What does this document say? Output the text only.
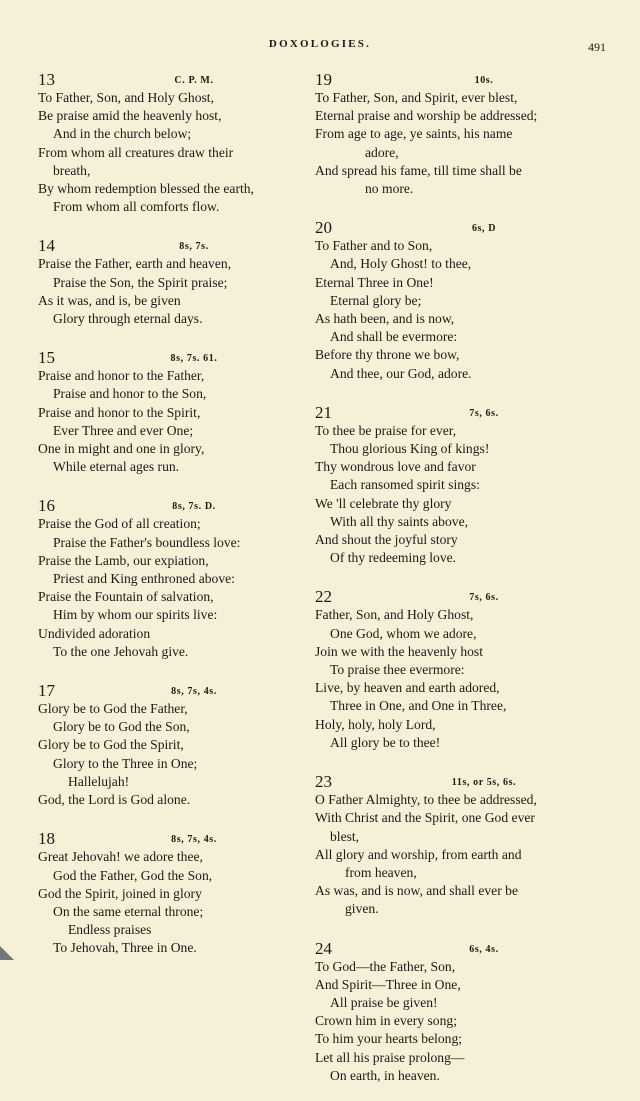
DOXOLOGIES.	491
13	C. P. M.
To Father, Son, and Holy Ghost,
Be praise amid the heavenly host,
And in the church below;
From whom all creatures draw their
breath,
By whom redemption blessed the earth,
From whom all comforts flow.
14	8s, 7s.
Praise the Father, earth and heaven,
Praise the Son, the Spirit praise;
As it was, and is, be given
Glory through eternal days.
15	8s, 7s. 61.
Praise and honor to the Father,
Praise and honor to the Son,
Praise and honor to the Spirit,
Ever Three and ever One;
One in might and one in glory,
While eternal ages run.
16	8s, 7s. D.
Praise the God of all creation;
Praise the Father's boundless love:
Praise the Lamb, our expiation,
Priest and King enthroned above:
Praise the Fountain of salvation,
Him by whom our spirits live:
Undivided adoration
To the one Jehovah give.
17	8s, 7s, 4s.
Glory be to God the Father,
Glory be to God the Son,
Glory be to God the Spirit,
Glory to the Three in One;
Hallelujah!
God, the Lord is God alone.
18	8s, 7s, 4s.
Great Jehovah! we adore thee,
God the Father, God the Son,
God the Spirit, joined in glory
On the same eternal throne;
Endless praises
To Jehovah, Three in One.
19	10s.
To Father, Son, and Spirit, ever blest,
Eternal praise and worship be addressed;
From age to age, ye saints, his name
adore,
And spread his fame, till time shall be
no more.
20	6s, D
To Father and to Son,
And, Holy Ghost! to thee,
Eternal Three in One!
Eternal glory be;
As hath been, and is now,
And shall be evermore:
Before thy throne we bow,
And thee, our God, adore.
21	7s, 6s.
To thee be praise for ever,
Thou glorious King of kings!
Thy wondrous love and favor
Each ransomed spirit sings:
We 'll celebrate thy glory
With all thy saints above,
And shout the joyful story
Of thy redeeming love.
22	7s, 6s.
Father, Son, and Holy Ghost,
One God, whom we adore,
Join we with the heavenly host
To praise thee evermore:
Live, by heaven and earth adored,
Three in One, and One in Three,
Holy, holy, holy Lord,
All glory be to thee!
23	11s, or 5s, 6s.
O Father Almighty, to thee be addressed,
With Christ and the Spirit, one God ever
blest,
All glory and worship, from earth and
from heaven,
As was, and is now, and shall ever be
given.
24	6s, 4s.
To God—the Father, Son,
And Spirit—Three in One,
All praise be given!
Crown him in every song;
To him your hearts belong;
Let all his praise prolong—
On earth, in heaven.
